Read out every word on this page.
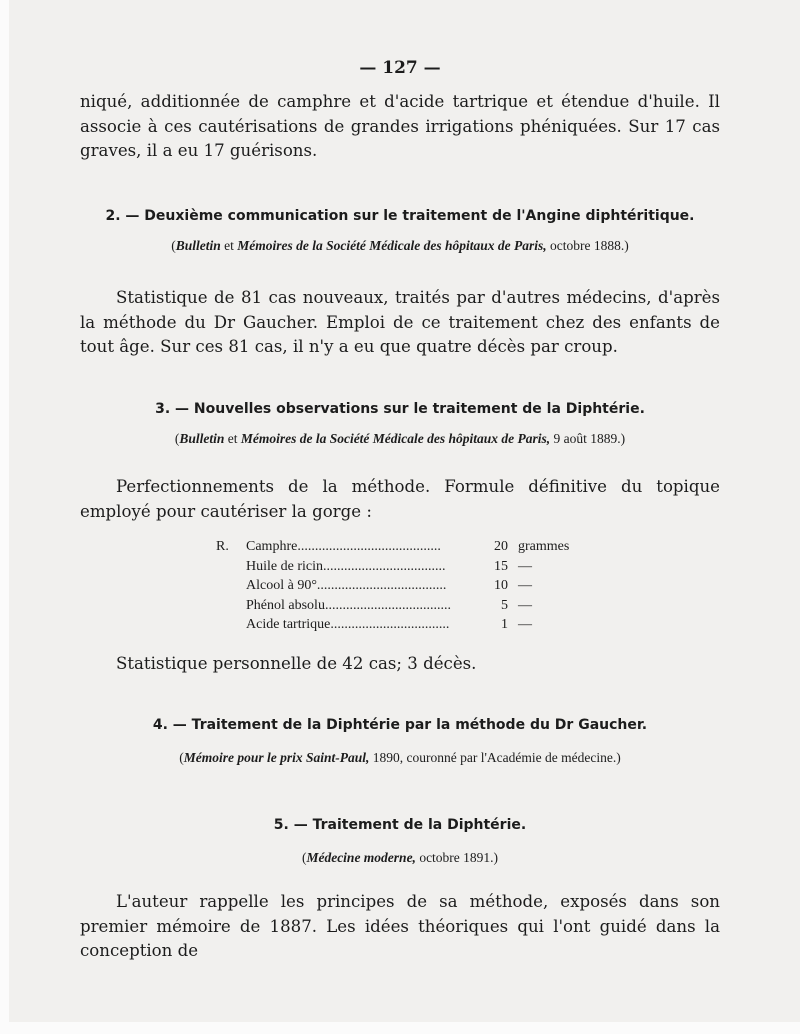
— 127 —

niqué, additionnée de camphre et d'acide tartrique et étendue d'huile. Il associe à ces cautérisations de grandes irrigations phéniquées. Sur 17 cas graves, il a eu 17 guérisons.

2. — Deuxième communication sur le traitement de l'Angine diphtéritique.
(Bulletin et Mémoires de la Société Médicale des hôpitaux de Paris, octobre 1888.)

Statistique de 81 cas nouveaux, traités par d'autres médecins, d'après la méthode du Dr Gaucher. Emploi de ce traitement chez des enfants de tout âge. Sur ces 81 cas, il n'y a eu que quatre décès par croup.

3. — Nouvelles observations sur le traitement de la Diphtérie.
(Bulletin et Mémoires de la Société Médicale des hôpitaux de Paris, 9 août 1889.)

Perfectionnements de la méthode. Formule définitive du topique employé pour cautériser la gorge :

R.	Camphre.........................................	20 grammes
Huile de ricin...................................	15 —
Alcool à 90°.....................................	10 —
Phénol absolu....................................	5 —
Acide tartrique..................................	1 —

Statistique personnelle de 42 cas; 3 décès.

4. — Traitement de la Diphtérie par la méthode du Dr Gaucher.
(Mémoire pour le prix Saint-Paul, 1890, couronné par l'Académie de médecine.)
5. — Traitement de la Diphtérie.
(Médecine moderne, octobre 1891.)

L'auteur rappelle les principes de sa méthode, exposés dans son premier mémoire de 1887. Les idées théoriques qui l'ont guidé dans la conception de
